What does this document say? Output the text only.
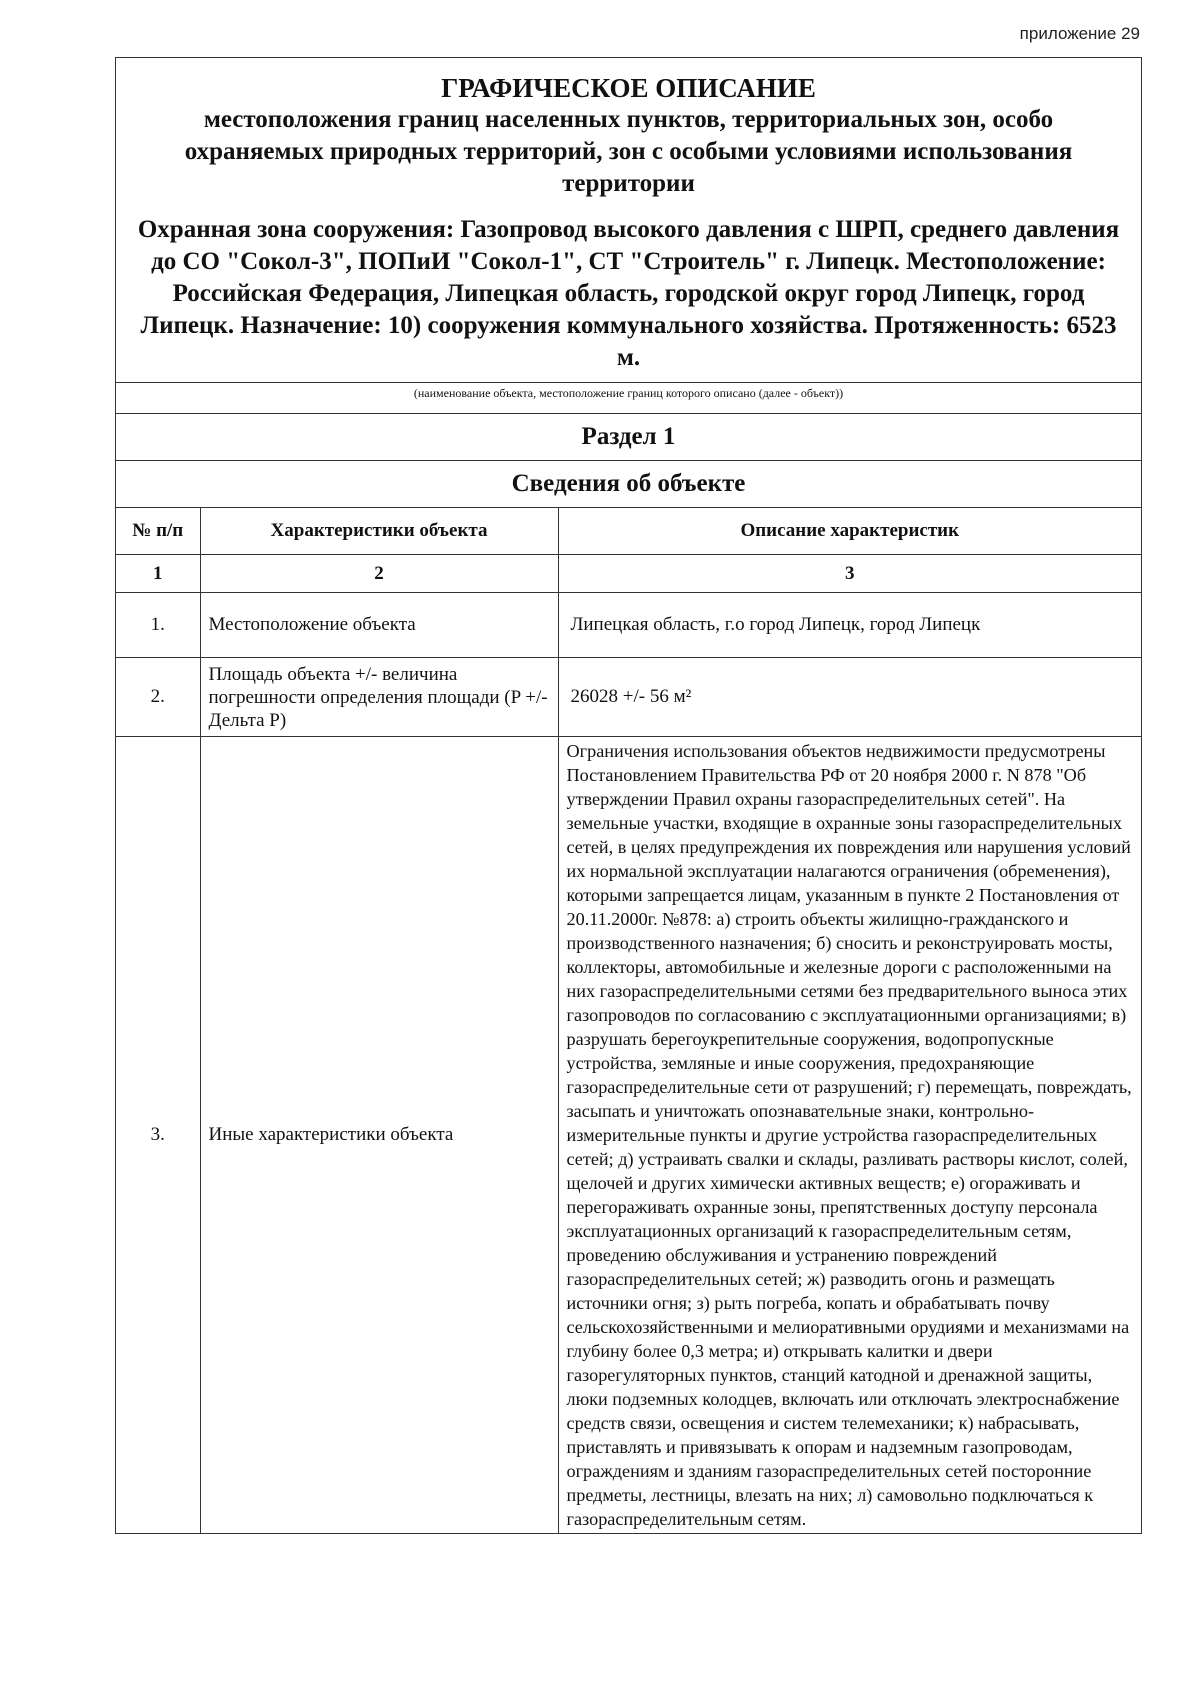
приложение 29
ГРАФИЧЕСКОЕ ОПИСАНИЕ
местоположения границ населенных пунктов, территориальных зон, особо охраняемых природных территорий, зон с особыми условиями использования территории
Охранная зона сооружения: Газопровод высокого давления с ШРП, среднего давления до СО "Сокол-3", ПОПиИ "Сокол-1", СТ "Строитель" г. Липецк. Местоположение: Российская Федерация, Липецкая область, городской округ город Липецк, город Липецк. Назначение: 10) сооружения коммунального хозяйства. Протяженность: 6523 м.
(наименование объекта, местоположение границ которого описано (далее - объект))
Раздел 1
Сведения об объекте
№ п/п	Характеристики объекта	Описание характеристик
1	2	3
1.	Местоположение объекта	Липецкая область, г.о город Липецк, город Липецк
2.	Площадь объекта +/- величина погрешности определения площади (P +/- Дельта P)	26028 +/- 56 м²
3.	Иные характеристики объекта	Ограничения использования объектов недвижимости предусмотрены Постановлением Правительства РФ от 20 ноября 2000 г. N 878 "Об утверждении Правил охраны газораспределительных сетей". На земельные участки, входящие в охранные зоны газораспределительных сетей, в целях предупреждения их повреждения или нарушения условий их нормальной эксплуатации налагаются ограничения (обременения), которыми запрещается лицам, указанным в пункте 2 Постановления от 20.11.2000г. №878: а) строить объекты жилищно-гражданского и производственного назначения; б) сносить и реконструировать мосты, коллекторы, автомобильные и железные дороги с расположенными на них газораспределительными сетями без предварительного выноса этих газопроводов по согласованию с эксплуатационными организациями; в) разрушать берегоукрепительные сооружения, водопропускные устройства, земляные и иные сооружения, предохраняющие газораспределительные сети от разрушений; г) перемещать, повреждать, засыпать и уничтожать опознавательные знаки, контрольно-измерительные пункты и другие устройства газораспределительных сетей; д) устраивать свалки и склады, разливать растворы кислот, солей, щелочей и других химически активных веществ; е) огораживать и перегораживать охранные зоны, препятственных доступу персонала эксплуатационных организаций к газораспределительным сетям, проведению обслуживания и устранению повреждений газораспределительных сетей; ж) разводить огонь и размещать источники огня; з) рыть погреба, копать и обрабатывать почву сельскохозяйственными и мелиоративными орудиями и механизмами на глубину более 0,3 метра; и) открывать калитки и двери газорегуляторных пунктов, станций катодной и дренажной защиты, люки подземных колодцев, включать или отключать электроснабжение средств связи, освещения и систем телемеханики; к) набрасывать, приставлять и привязывать к опорам и надземным газопроводам, ограждениям и зданиям газораспределительных сетей посторонние предметы, лестницы, влезать на них; л) самовольно подключаться к газораспределительным сетям.
